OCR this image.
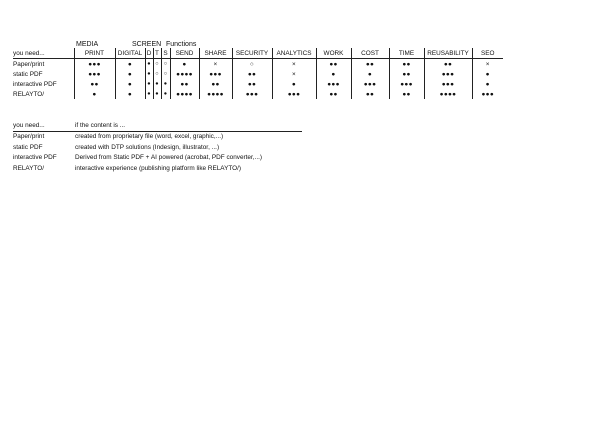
MEDIA	SCREEN Functions
you need...	PRINT	DIGITAL	D	T	S	SEND	SHARE	SECURITY	ANALYTICS	WORK	COST	TIME	REUSABILITY	SEO
Paper/print	●●●	●	●	○	○	●	×	○	×	●●	●●	●●	●●	×
static PDF	●●●	●	●	○	○	●●●●	●●●	●●	×	●	●	●●	●●●	●
interactive PDF	●●	●	●	●	●	●●	●●	●●	●	●●●	●●●	●●●	●●●	●
RELAYTO/	●	●	●	●	●	●●●●	●●●●	●●●	●●●	●●	●●	●●	●●●●	●●●
you need...	if the content is ...
Paper/print	created from proprietary file (word, excel, graphic,...)
static PDF	created with DTP solutions (Indesign, illustrator, ...)
interactive PDF	Derived from Static PDF + AI powered (acrobat, PDF converter,...)
RELAYTO/	interactive experience (publishing platform like RELAYTO/)
